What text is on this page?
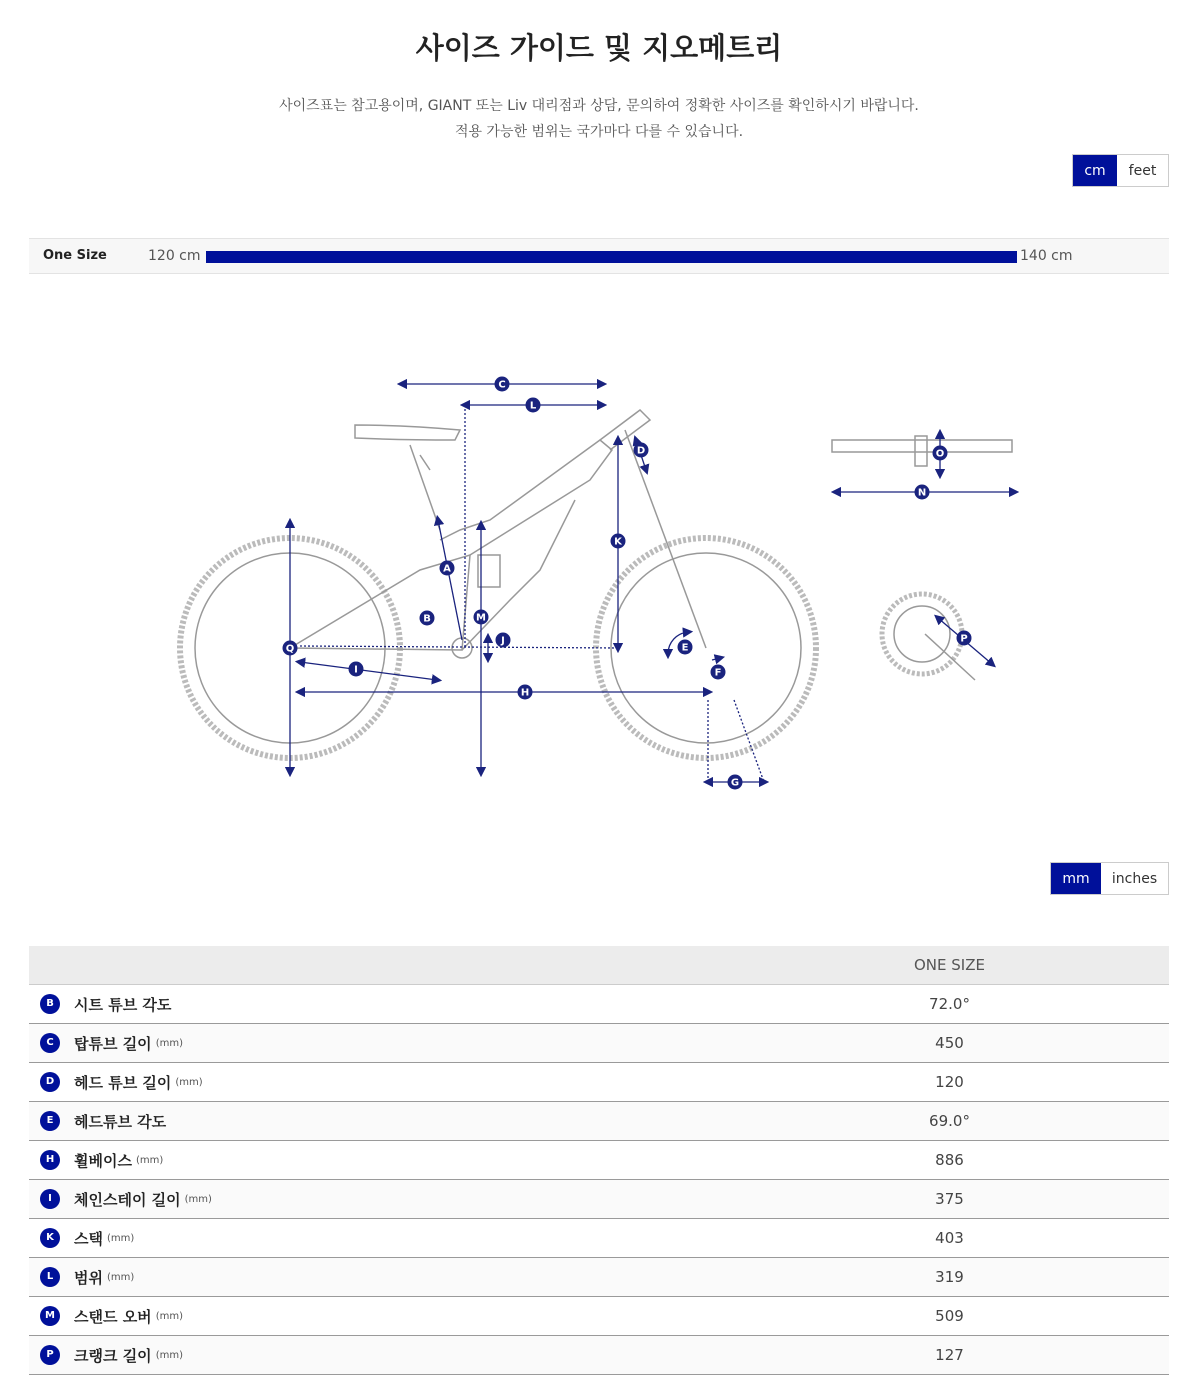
사이즈 가이드 및 지오메트리
사이즈표는 참고용이며, GIANT 또는 Liv 대리점과 상담, 문의하여 정확한 사이즈를 확인하시기 바랍니다.
적용 가능한 범위는 국가마다 다를 수 있습니다.
cm	feet
One Size	120 cm	140 cm
A
B
C
D
E
F
G
H
I
J
K
L
M
N
O
P
Q
mm	inches
	ONE SIZE
B 시트 튜브 각도	72.0°
C 탑튜브 길이 (mm)	450
D 헤드 튜브 길이 (mm)	120
E 헤드튜브 각도	69.0°
H 휠베이스 (mm)	886
I 체인스테이 길이 (mm)	375
K 스택 (mm)	403
L 범위 (mm)	319
M 스탠드 오버 (mm)	509
P 크랭크 길이 (mm)	127
